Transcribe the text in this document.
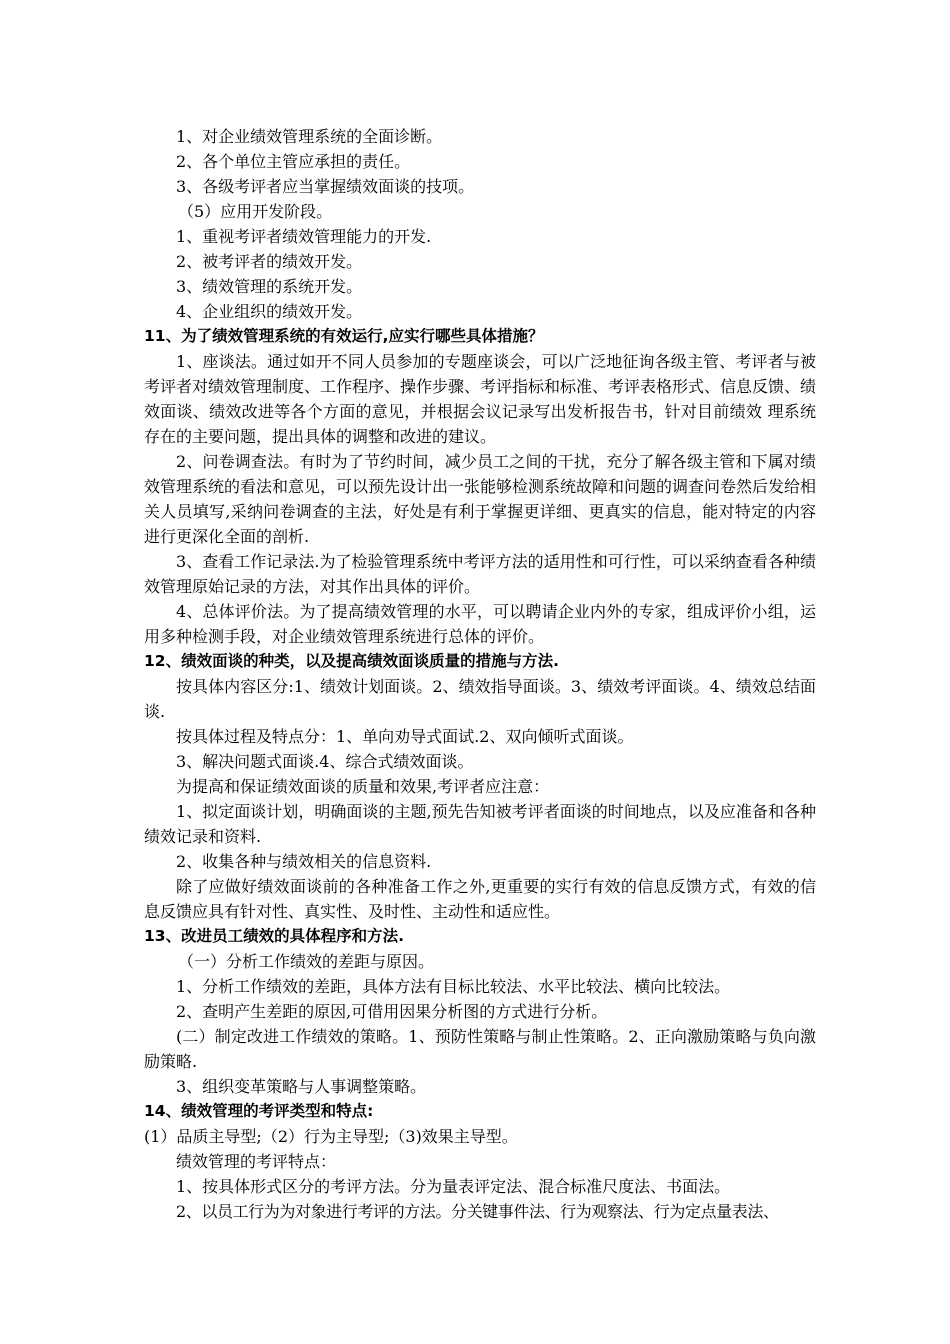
1、对企业绩效管理系统的全面诊断。

2、各个单位主管应承担的责任。

3、各级考评者应当掌握绩效面谈的技项。

（5）应用开发阶段。

1、重视考评者绩效管理能力的开发.

2、被考评者的绩效开发。

3、绩效管理的系统开发。

4、企业组织的绩效开发。

11、为了绩效管理系统的有效运行,应实行哪些具体措施？

1、座谈法。通过如开不同人员参加的专题座谈会，可以广泛地征询各级主管、考评者与被考评者对绩效管理制度、工作程序、操作步骤、考评指标和标准、考评表格形式、信息反馈、绩效面谈、绩效改进等各个方面的意见，并根据会议记录写出发析报告书，针对目前绩效 理系统存在的主要问题，提出具体的调整和改进的建议。

2、问卷调查法。有时为了节约时间，减少员工之间的干扰，充分了解各级主管和下属对绩效管理系统的看法和意见，可以预先设计出一张能够检测系统故障和问题的调查问卷然后发给相关人员填写,采纳问卷调查的主法，好处是有利于掌握更详细、更真实的信息，能对特定的内容进行更深化全面的剖析.

3、查看工作记录法.为了检验管理系统中考评方法的适用性和可行性，可以采纳查看各种绩效管理原始记录的方法，对其作出具体的评价。

4、总体评价法。为了提高绩效管理的水平，可以聘请企业内外的专家，组成评价小组，运用多种检测手段，对企业绩效管理系统进行总体的评价。

12、绩效面谈的种类，以及提高绩效面谈质量的措施与方法.

按具体内容区分:1、绩效计划面谈。2、绩效指导面谈。3、绩效考评面谈。4、绩效总结面谈.

按具体过程及特点分：1、单向劝导式面试.2、双向倾听式面谈。

3、解决问题式面谈.4、综合式绩效面谈。

为提高和保证绩效面谈的质量和效果,考评者应注意：

1、拟定面谈计划，明确面谈的主题,预先告知被考评者面谈的时间地点，以及应准备和各种绩效记录和资料.

2、收集各种与绩效相关的信息资料.

除了应做好绩效面谈前的各种准备工作之外,更重要的实行有效的信息反馈方式，有效的信息反馈应具有针对性、真实性、及时性、主动性和适应性。

13、改进员工绩效的具体程序和方法.

（一）分析工作绩效的差距与原因。

1、分析工作绩效的差距，具体方法有目标比较法、水平比较法、横向比较法。

2、查明产生差距的原因,可借用因果分析图的方式进行分析。

(二）制定改进工作绩效的策略。1、预防性策略与制止性策略。2、正向激励策略与负向激励策略.

3、组织变革策略与人事调整策略。

14、绩效管理的考评类型和特点:

(1）品质主导型;（2）行为主导型;（3)效果主导型。

绩效管理的考评特点：

1、按具体形式区分的考评方法。分为量表评定法、混合标准尺度法、书面法。

2、以员工行为为对象进行考评的方法。分关键事件法、行为观察法、行为定点量表法、
